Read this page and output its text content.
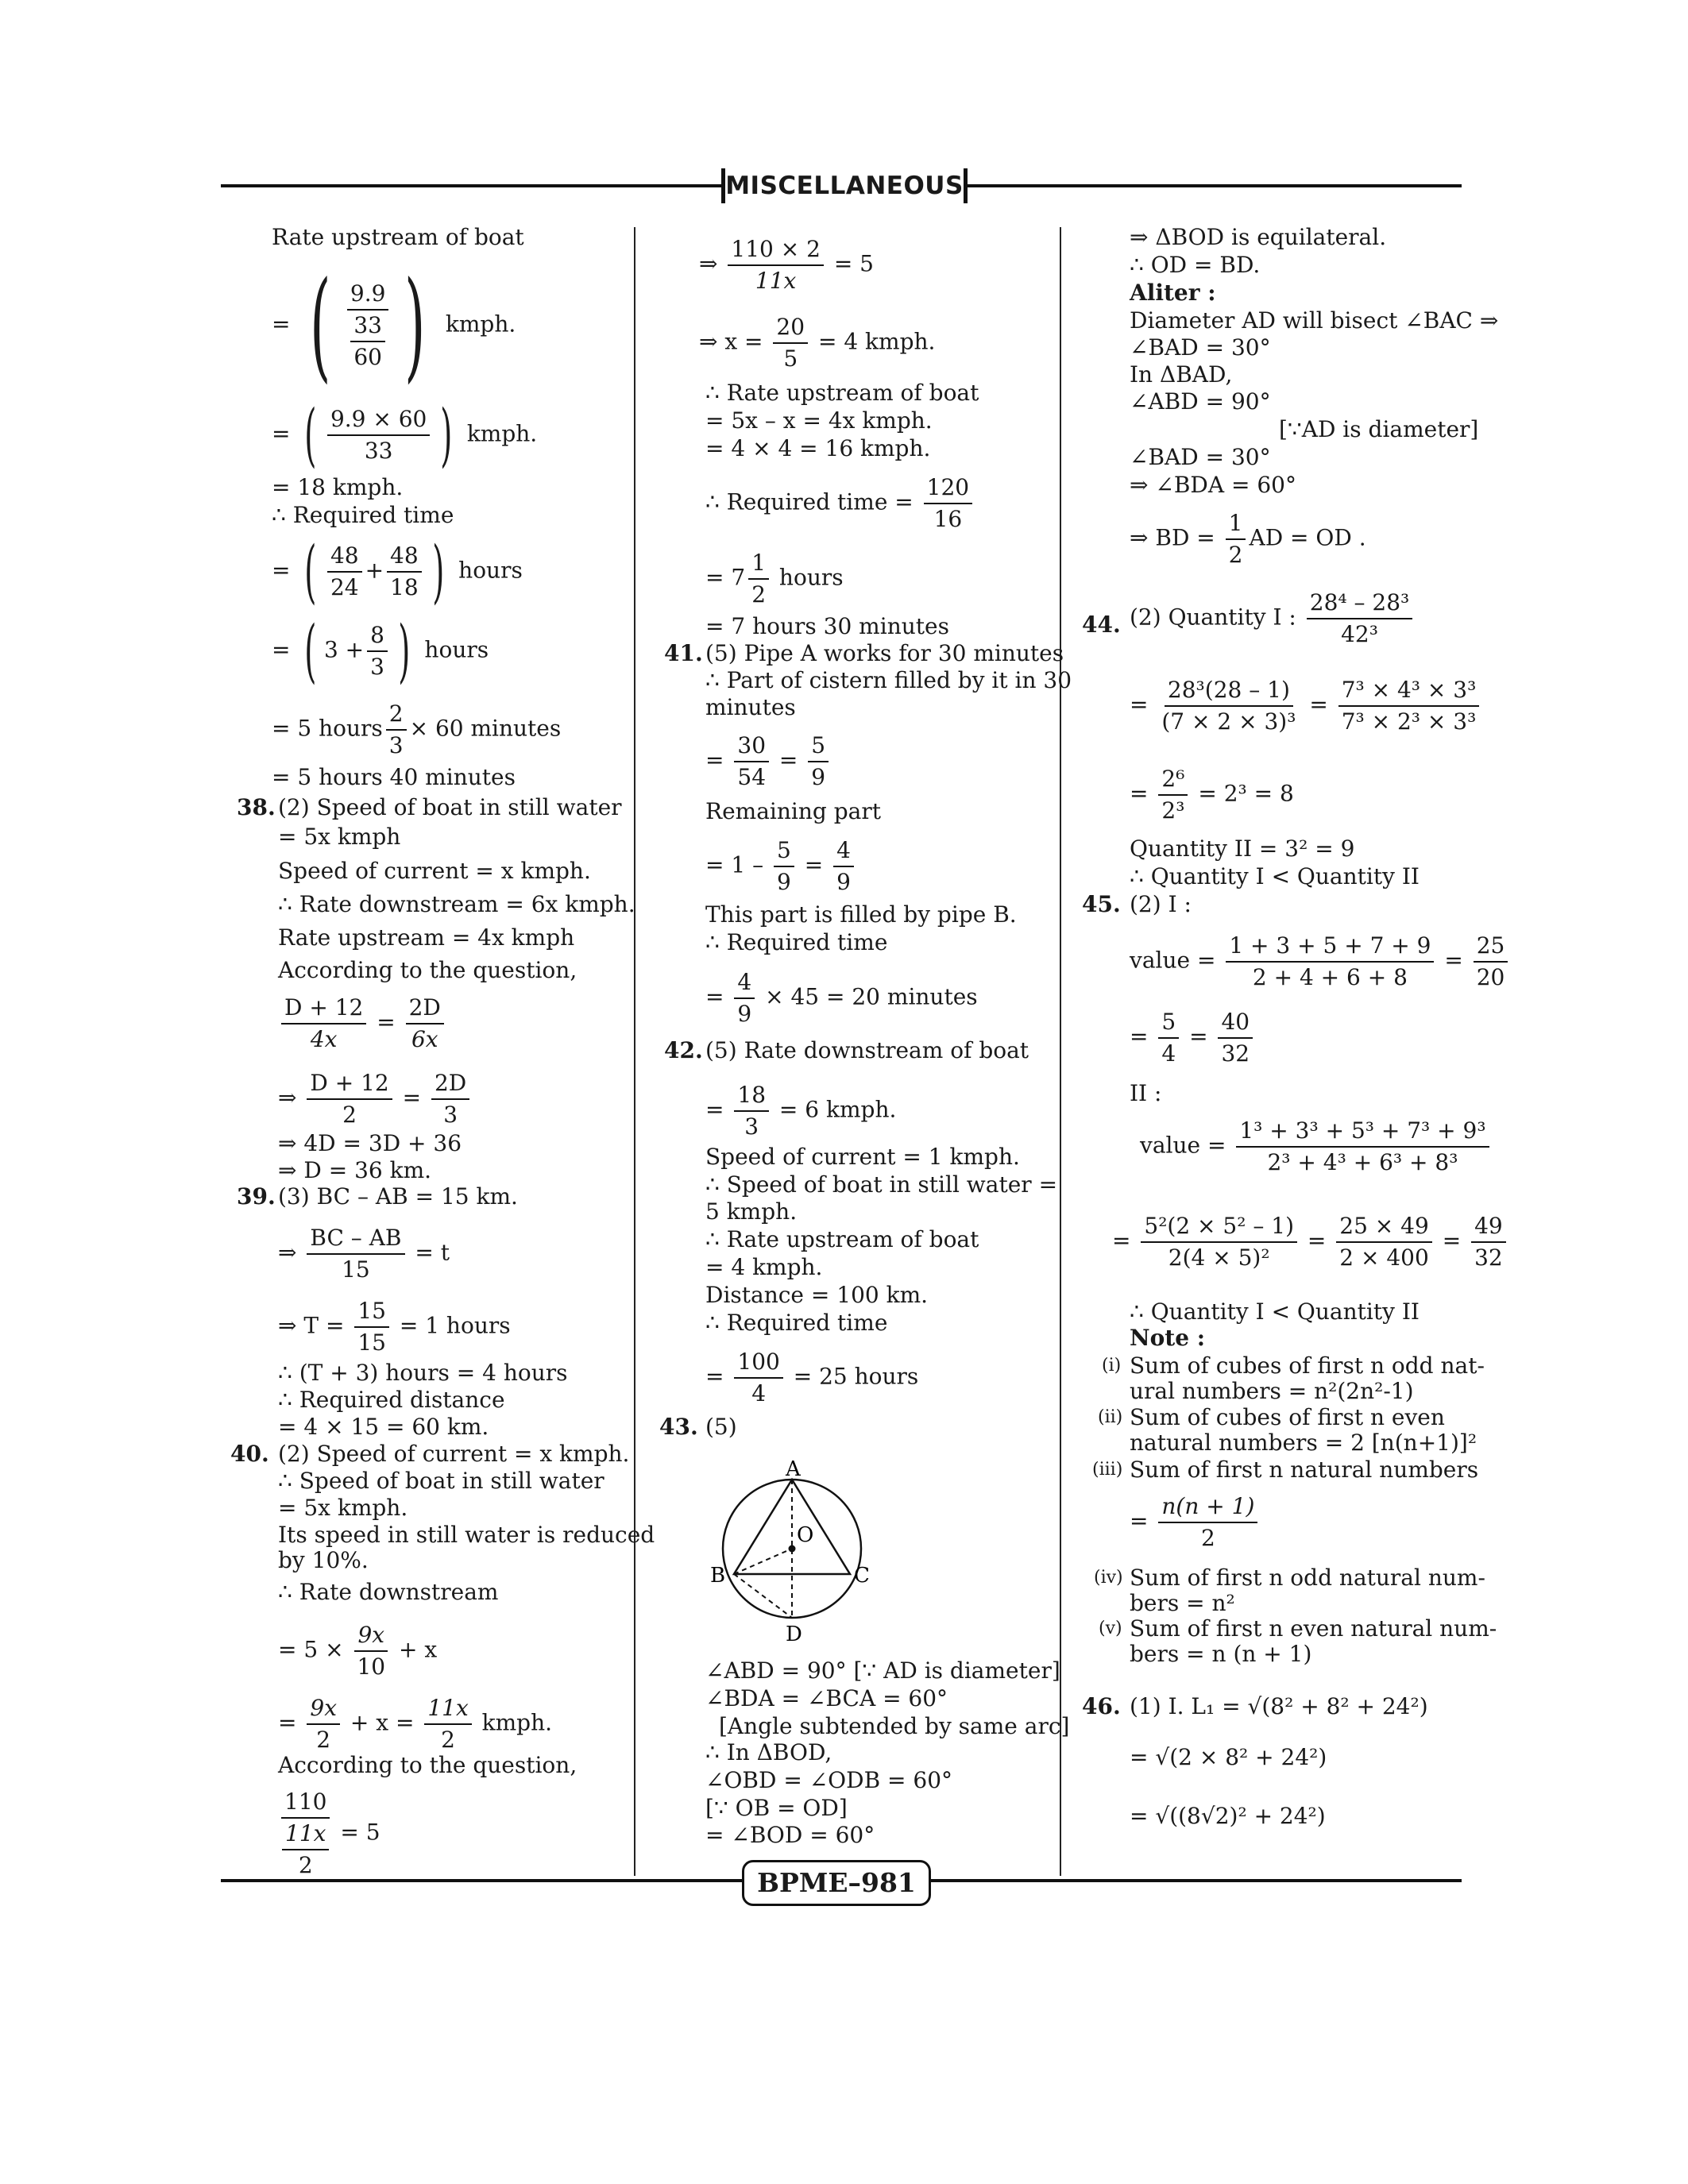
MISCELLANEOUS
Rate upstream of boat
= ( 9.9
33
60 ) kmph.
= ( $\frac{9.9 \times 60}{33}$ ) kmph.
= 18 kmph.
∴ Required time
= ( $\frac{48}{24} + \frac{48}{18}$ ) hours
= ( $3 + \frac{8}{3}$ ) hours
= 5 hours $\frac{2}{3} \times 60$ minutes
= 5 hours 40 minutes
38. (2) Speed of boat in still water
= 5x kmph
Speed of current = x kmph.
∴ Rate downstream = 6x kmph.
Rate upstream = 4x kmph
According to the question,
$\frac{D + 12}{4x} = \frac{2D}{6x}$
⇒ $\frac{D + 12}{2} = \frac{2D}{3}$
⇒ 4D = 3D + 36
⇒ D = 36 km.
39. (3) BC – AB = 15 km.
⇒ $\frac{BC - AB}{15} = t$
⇒ $T = \frac{15}{15} = 1$ hours
∴ (T + 3) hours = 4 hours
∴ Required distance
= 4 × 15 = 60 km.
40. (2) Speed of current = x kmph.
∴ Speed of boat in still water
= 5x kmph.
Its speed in still water is reduced
by 10%.
∴ Rate downstream
= $5 \times \frac{9x}{10} + x$
= $\frac{9x}{2} + x = \frac{11x}{2}$ kmph.
According to the question,
110
11x
2
= 5
⇒ $\frac{110 \times 2}{11x} = 5$
⇒ $x = \frac{20}{5} = 4$ kmph.
∴ Rate upstream of boat
= 5x – x = 4x kmph.
= 4 × 4 = 16 kmph.
∴ Required time = $\frac{120}{16}$
= $7 \frac{1}{2}$ hours
= 7 hours 30 minutes
41. (5) Pipe A works for 30 minutes
∴ Part of cistern filled by it in 30
minutes
= $\frac{30}{54} = \frac{5}{9}$
Remaining part
= $1 - \frac{5}{9} = \frac{4}{9}$
This part is filled by pipe B.
∴ Required time
= $\frac{4}{9} \times 45 = 20$ minutes
42. (5) Rate downstream of boat
= $\frac{18}{3} = 6$ kmph.
Speed of current = 1 kmph.
∴ Speed of boat in still water =
5 kmph.
∴ Rate upstream of boat
= 4 kmph.
Distance = 100 km.
∴ Required time
= $\frac{100}{4} = 25$ hours
43. (5)
A
O
B	C
D
∠ABD = 90° [∵ AD is diameter]
∠BDA = ∠BCA = 60°
[Angle subtended by same arc]
∴ In ΔBOD,
∠OBD = ∠ODB = 60°
[∵ OB = OD]
= ∠BOD = 60°
⇒ ΔBOD is equilateral.
∴ OD = BD.
Aliter :
Diameter AD will bisect ∠BAC ⇒
∠BAD = 30°
In ΔBAD,
∠ABD = 90°
[∵AD is diameter]
∠BAD = 30°
⇒ ∠BDA = 60°
⇒ BD = $\frac{1}{2}$ AD = OD .
44. (2) Quantity I : $\frac{\text{28⁴ – 28³}}{\text{42³}}$
= $\frac{\text{28³(28 – 1)}}{\text{(7 × 2 × 3)³}} = \frac{\text{7³ × 4³ × 3³}}{\text{7³ × 2³ × 3³}}$
= $\frac{\text{2⁶}}{\text{2³}} = 2^3 = 8$
Quantity II = 3² = 9
∴ Quantity I < Quantity II
45. (2) I :
value = $\frac{1 + 3 + 5 + 7 + 9}{2 + 4 + 6 + 8} = \frac{25}{20}$
= $\frac{5}{4} = \frac{40}{32}$
II :
value = $\frac{\text{1³ + 3³ + 5³ + 7³ + 9³}}{\text{2³ + 4³ + 6³ + 8³}}$
= $\frac{\text{5²(2 × 5² – 1)}}{\text{2(4 × 5)²}} = \frac{25 \times 49}{2 \times 400} = \frac{49}{32}$
∴ Quantity I < Quantity II
Note :
(i) Sum of cubes of first n odd nat-
ural numbers = n²(2n²-1)
(ii) Sum of cubes of first n even
natural numbers = 2 [n(n+1)]²
(iii) Sum of first n natural numbers
= $\frac{n(n + 1)}{2}$
(iv) Sum of first n odd natural num-
bers = n²
(v) Sum of first n even natural num-
bers = n (n + 1)
46. (1) I. L₁ = √(8² + 8² + 24²)
= √(2 × 8² + 24²)
= √((8√2)² + 24²)
BPME–981
